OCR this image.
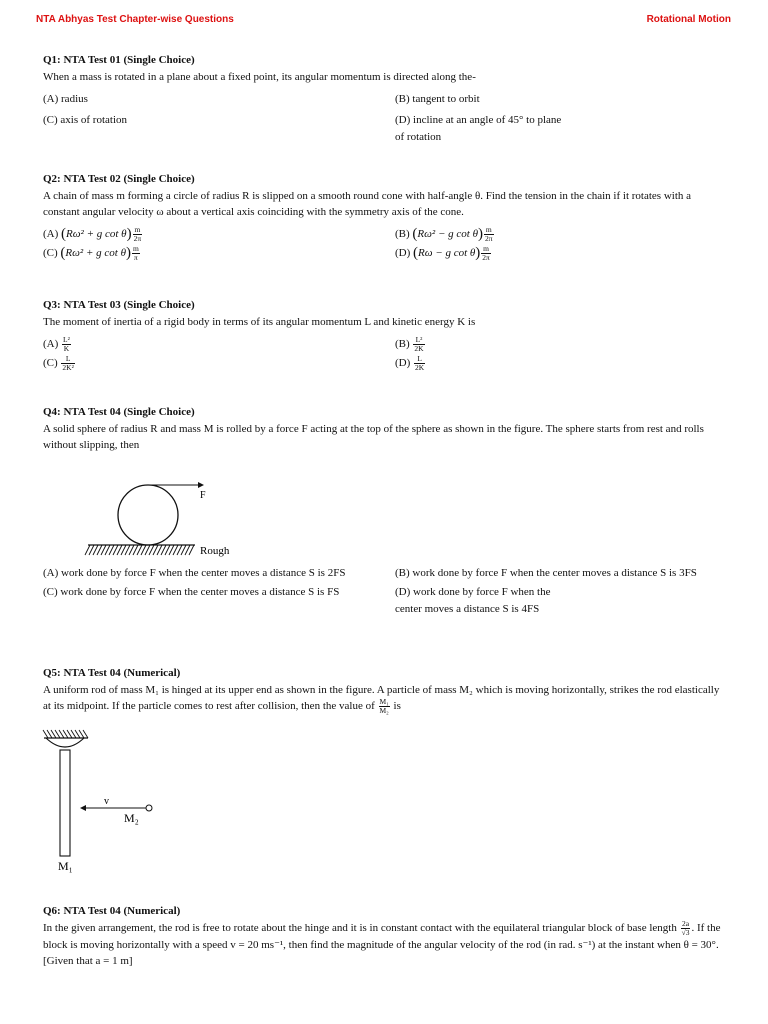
NTA Abhyas Test Chapter-wise Questions	Rotational Motion
Q1: NTA Test 01 (Single Choice)
When a mass is rotated in a plane about a fixed point, its angular momentum is directed along the-
(A) radius	(B) tangent to orbit
(C) axis of rotation	(D) incline at an angle of 45° to plane of rotation
Q2: NTA Test 02 (Single Choice)
A chain of mass m forming a circle of radius R is slipped on a smooth round cone with half-angle θ. Find the tension in the chain if it rotates with a constant angular velocity ω about a vertical axis coinciding with the symmetry axis of the cone.
(A) (Rω² + g $\cot \theta) \frac{m}{2\pi}$	(B) (Rω² − g $\cot \theta) \frac{m}{2\pi}$
(C) (Rω² + g $\cot \theta) \frac{m}{\pi}$	(D) (Rω − g $\cot \theta) \frac{m}{2\pi}$
Q3: NTA Test 03 (Single Choice)
The moment of inertia of a rigid body in terms of its angular momentum L and kinetic energy K is
$(A) \frac{\text{L²}}{K}$	$(B) \frac{\text{L²}}{2K}$
$(C) \frac{L}{\text{2K²}}$	$(D) \frac{L}{2K}$
Q4: NTA Test 04 (Single Choice)
A solid sphere of radius R and mass M is rolled by a force F acting at the top of the sphere as shown in the figure. The sphere starts from rest and rolls without slipping, then
F
Rough
(A) work done by force F when the center moves a distance S is 2FS	(B) work done by force F when the center moves a distance S is 3FS
(C) work done by force F when the center moves a distance S is FS	(D) work done by force F when the center moves a distance S is 4FS
Q5: NTA Test 04 (Numerical)
A uniform rod of mass M₁ is hinged at its upper end as shown in the figure. A particle of mass M₂ which is moving horizontally, strikes the rod elastically at its midpoint. If the particle comes to rest after collision, then the value of $\frac{\text{M₁}}{\text{M₂}}$ is
v
M₂
M₁
Q6: NTA Test 04 (Numerical)
In the given arrangement, the rod is free to rotate about the hinge and it is in constant contact with the equilateral triangular block of base length $\frac{2a}{√3}$ . If the block is moving horizontally with a speed v = 20 ms⁻¹, then find the magnitude of the angular velocity of the rod (in rad. s⁻¹) at the instant when θ = 30°. [Given that a = 1 m]
